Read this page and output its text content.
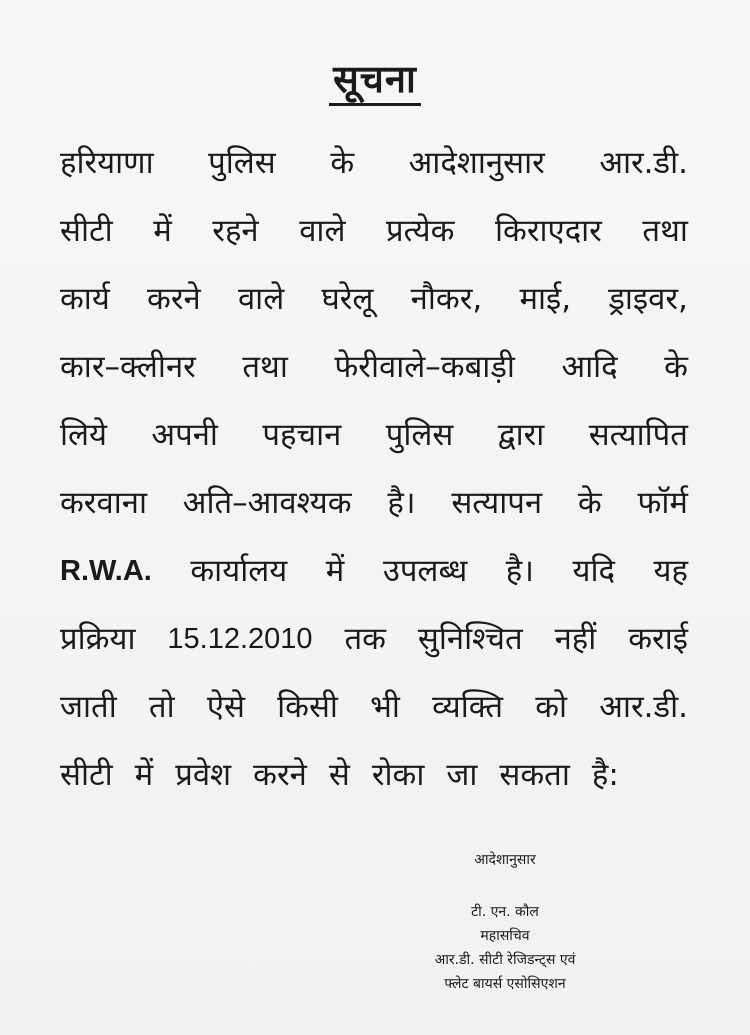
सूचना
हरियाणा पुलिस के आदेशानुसार आर.डी.
सीटी में रहने वाले प्रत्येक किराएदार तथा
कार्य करने वाले घरेलू नौकर, माई, ड्राइवर,
कार–क्लीनर तथा फेरीवाले–कबाड़ी आदि के
लिये अपनी पहचान पुलिस द्वारा सत्यापित
करवाना अति–आवश्यक है। सत्यापन के फॉर्म
R.W.A. कार्यालय में उपलब्ध है। यदि यह
प्रक्रिया 15.12.2010 तक सुनिश्चित नहीं कराई
जाती तो ऐसे किसी भी व्यक्ति को आर.डी.
सीटी में प्रवेश करने से रोका जा सकता है:
आदेशानुसार
टी. एन. कौल
महासचिव
आर.डी. सीटी रेजिडन्ट्स एवं
फ्लेट बायर्स एसोसिएशन
